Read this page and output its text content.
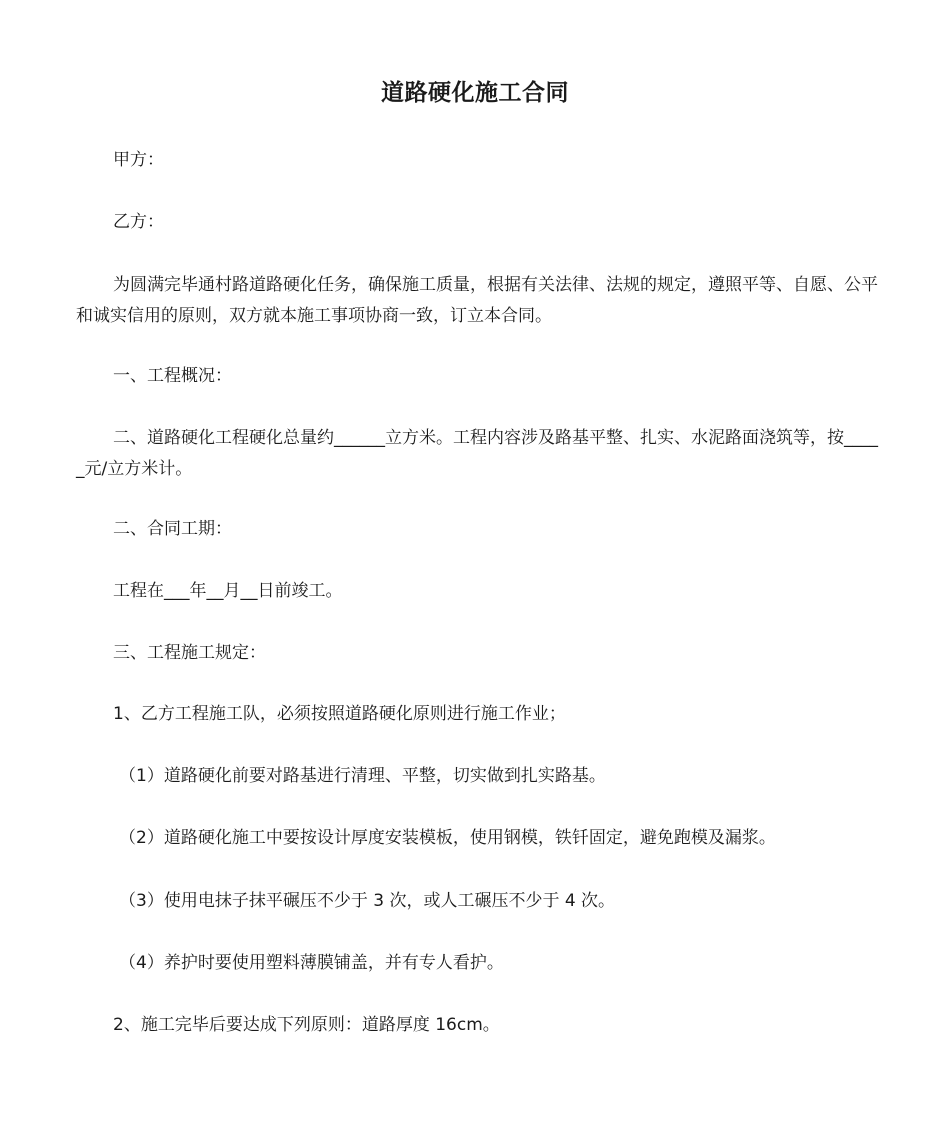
道路硬化施工合同

甲方：

乙方：

为圆满完毕通村路道路硬化任务，确保施工质量，根据有关法律、法规的规定，遵照平等、自愿、公平和诚实信用的原则，双方就本施工事项协商一致，订立本合同。

一、工程概况：

二、道路硬化工程硬化总量约______立方米。工程内容涉及路基平整、扎实、水泥路面浇筑等，按_____元/立方米计。

二、合同工期：

工程在___年__月__日前竣工。

三、工程施工规定：

1、乙方工程施工队，必须按照道路硬化原则进行施工作业；

（1）道路硬化前要对路基进行清理、平整，切实做到扎实路基。

（2）道路硬化施工中要按设计厚度安装模板，使用钢模，铁钎固定，避免跑模及漏浆。

（3）使用电抹子抹平碾压不少于 3 次，或人工碾压不少于 4 次。

（4）养护时要使用塑料薄膜铺盖，并有专人看护。

2、施工完毕后要达成下列原则：道路厚度 16cm。
